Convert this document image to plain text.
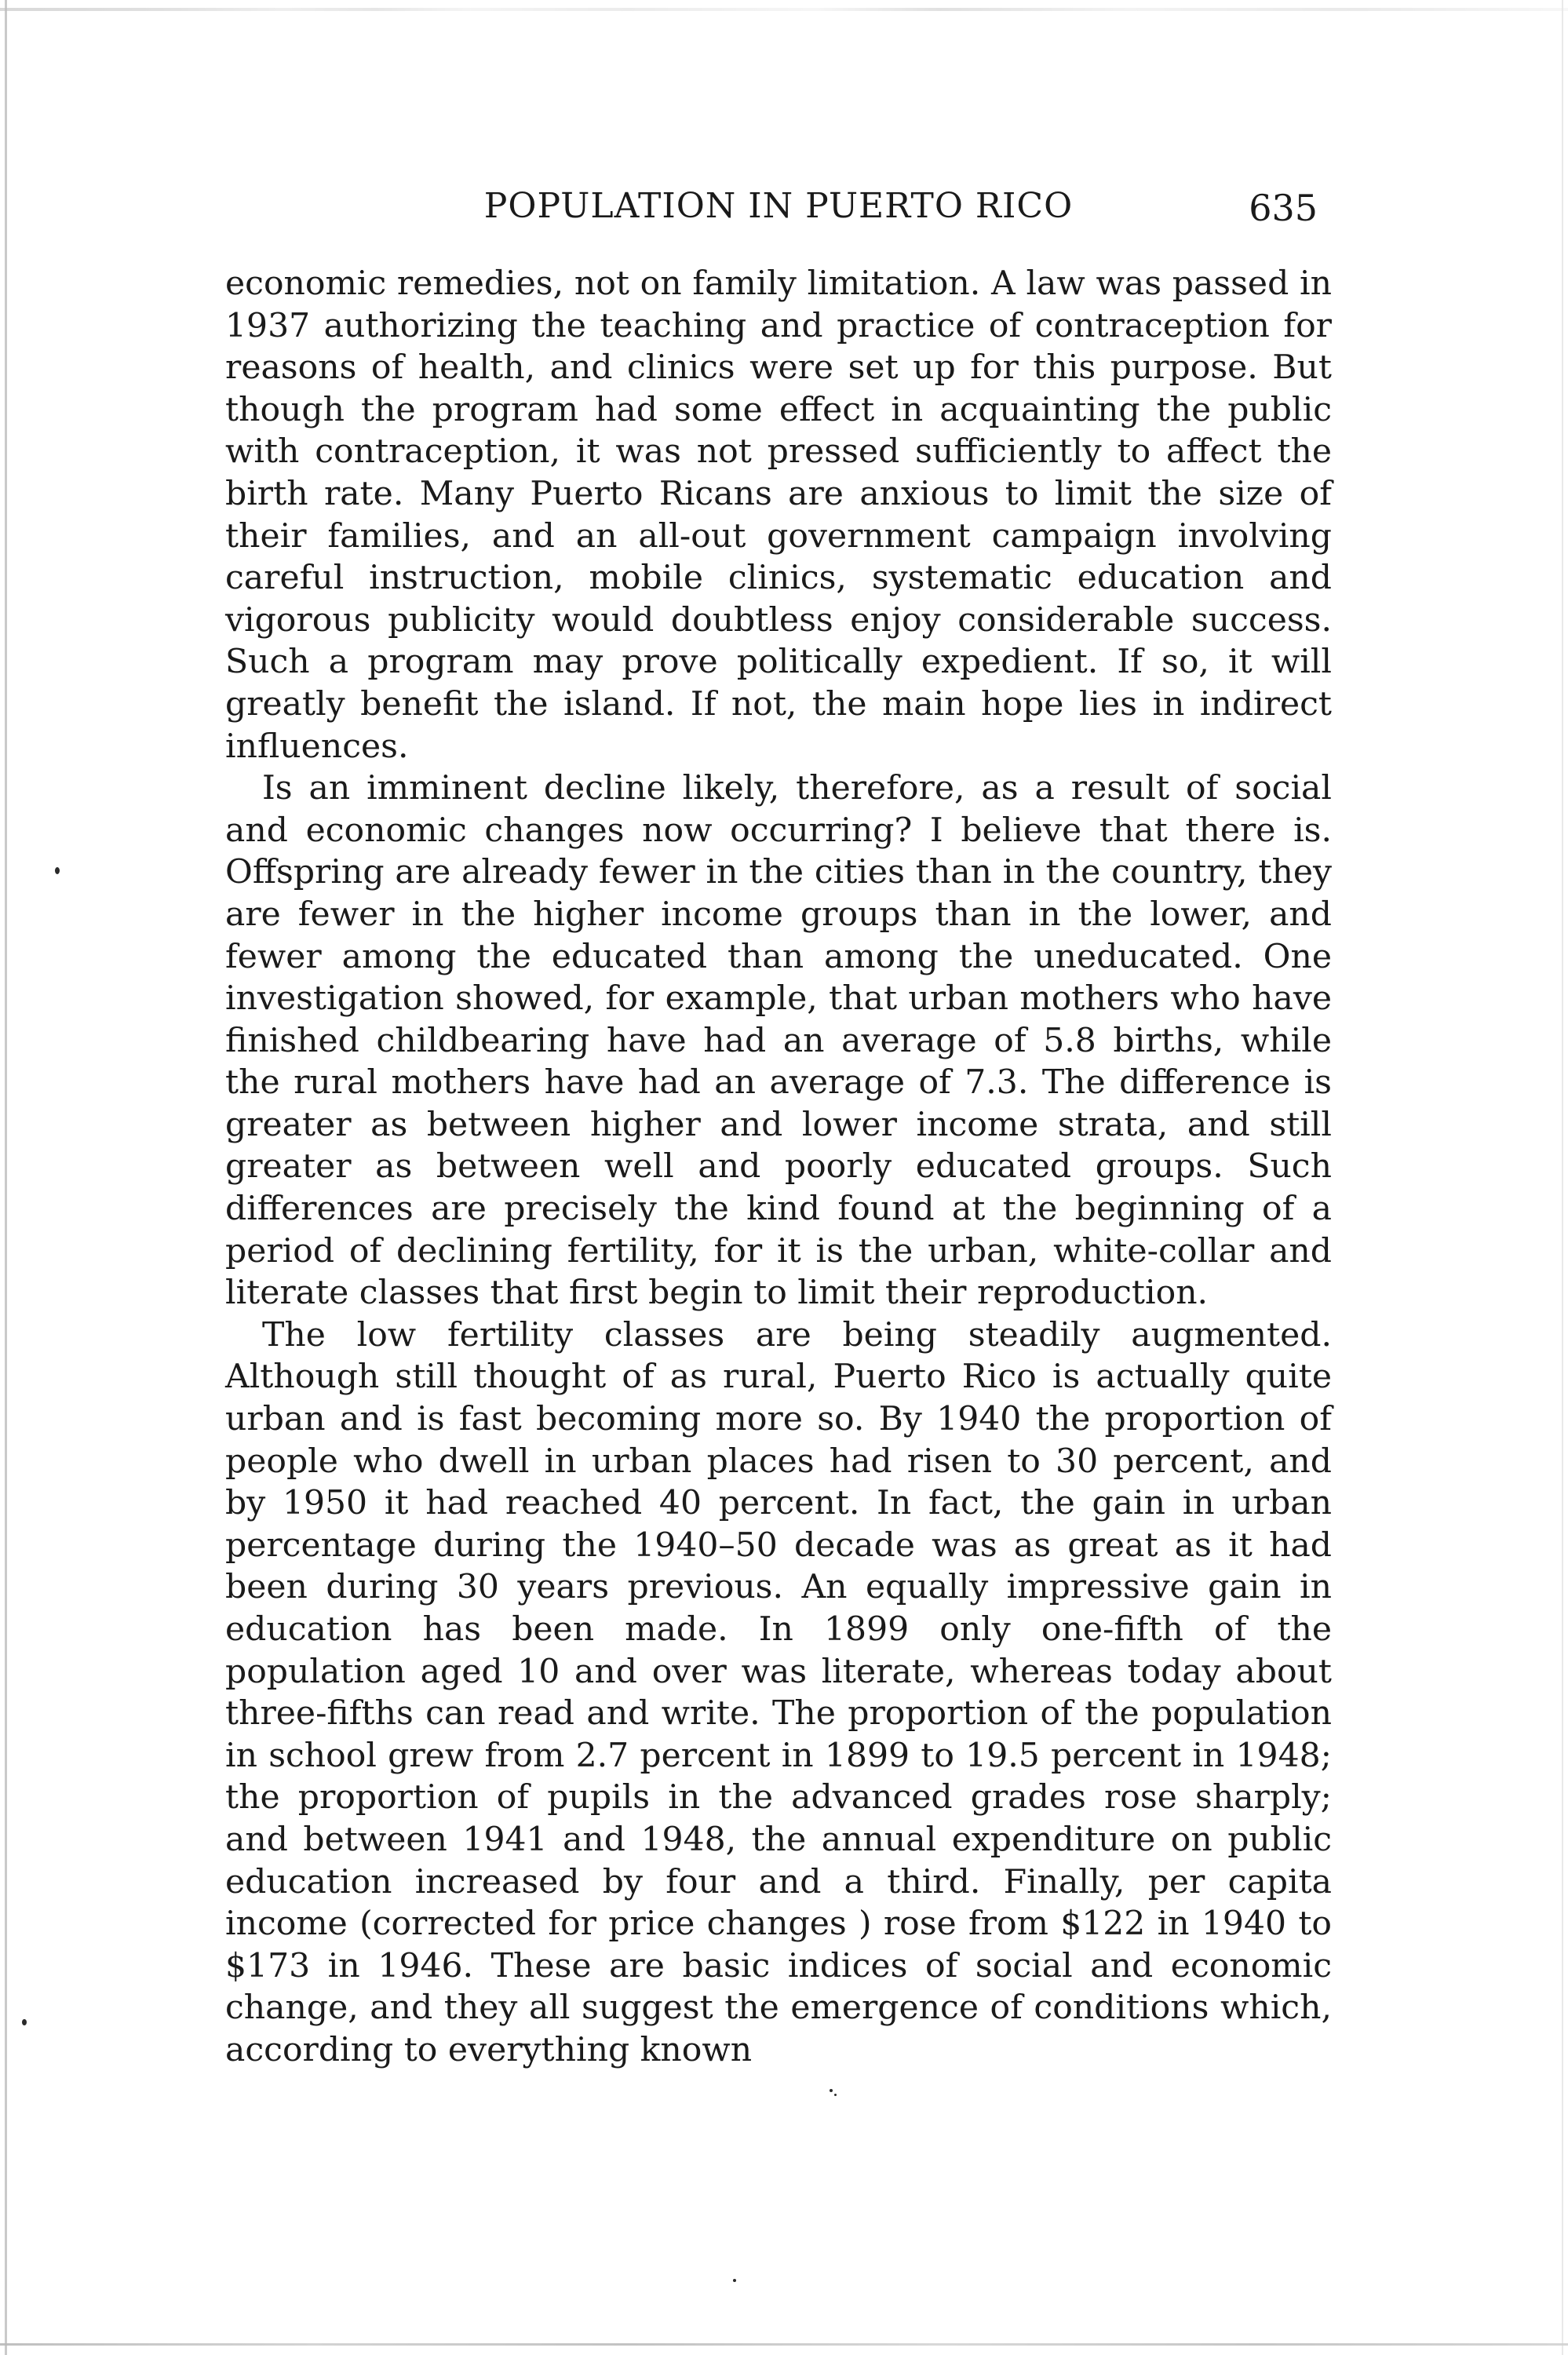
POPULATION IN PUERTO RICO	635

economic remedies, not on family limitation. A law was passed in 1937 authorizing the teaching and practice of contraception for reasons of health, and clinics were set up for this purpose. But though the program had some effect in acquainting the public with contraception, it was not pressed sufficiently to affect the birth rate. Many Puerto Ricans are anxious to limit the size of their families, and an all-out government campaign involving careful instruction, mobile clinics, systematic education and vigorous publicity would doubtless enjoy considerable success. Such a program may prove politically expedient. If so, it will greatly benefit the island. If not, the main hope lies in indirect influences.

Is an imminent decline likely, therefore, as a result of social and economic changes now occurring? I believe that there is. Offspring are already fewer in the cities than in the country, they are fewer in the higher income groups than in the lower, and fewer among the educated than among the uneducated. One investigation showed, for example, that urban mothers who have finished childbearing have had an average of 5.8 births, while the rural mothers have had an average of 7.3. The difference is greater as between higher and lower income strata, and still greater as between well and poorly educated groups. Such differences are precisely the kind found at the beginning of a period of declining fertility, for it is the urban, white-collar and literate classes that first begin to limit their reproduction.

The low fertility classes are being steadily augmented. Although still thought of as rural, Puerto Rico is actually quite urban and is fast becoming more so. By 1940 the proportion of people who dwell in urban places had risen to 30 percent, and by 1950 it had reached 40 percent. In fact, the gain in urban percentage during the 1940–50 decade was as great as it had been during 30 years previous. An equally impressive gain in education has been made. In 1899 only one-fifth of the population aged 10 and over was literate, whereas today about three-fifths can read and write. The proportion of the population in school grew from 2.7 percent in 1899 to 19.5 percent in 1948; the proportion of pupils in the advanced grades rose sharply; and between 1941 and 1948, the annual expenditure on public education increased by four and a third. Finally, per capita income (corrected for price changes ) rose from $122 in 1940 to $173 in 1946. These are basic indices of social and economic change, and they all suggest the emergence of conditions which, according to everything known
